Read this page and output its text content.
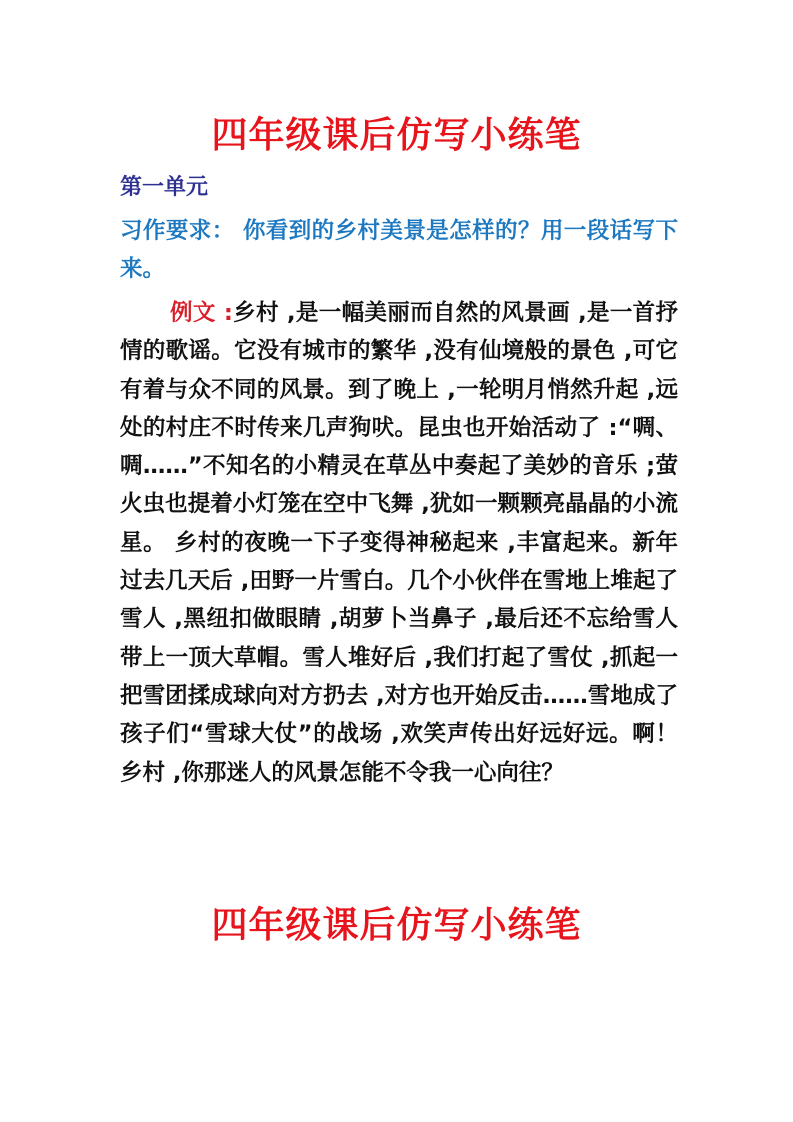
四年级课后仿写小练笔

第一单元

习作要求： 你看到的乡村美景是怎样的？用一段话写下来。

例文 :乡村 ,是一幅美丽而自然的风景画 ,是一首抒情的歌谣。它没有城市的繁华 ,没有仙境般的景色 ,可它有着与众不同的风景。到了晚上 ,一轮明月悄然升起 ,远处的村庄不时传来几声狗吠。昆虫也开始活动了 :“啁、啁……”不知名的小精灵在草丛中奏起了美妙的音乐 ;萤火虫也提着小灯笼在空中飞舞 ,犹如一颗颗亮晶晶的小流星。 乡村的夜晚一下子变得神秘起来 ,丰富起来。新年过去几天后 ,田野一片雪白。几个小伙伴在雪地上堆起了雪人 ,黑纽扣做眼睛 ,胡萝卜当鼻子 ,最后还不忘给雪人带上一顶大草帽。雪人堆好后 ,我们打起了雪仗 ,抓起一把雪团揉成球向对方扔去 ,对方也开始反击……雪地成了孩子们“雪球大仗”的战场 ,欢笑声传出好远好远。啊！乡村 ,你那迷人的风景怎能不令我一心向往？

四年级课后仿写小练笔
